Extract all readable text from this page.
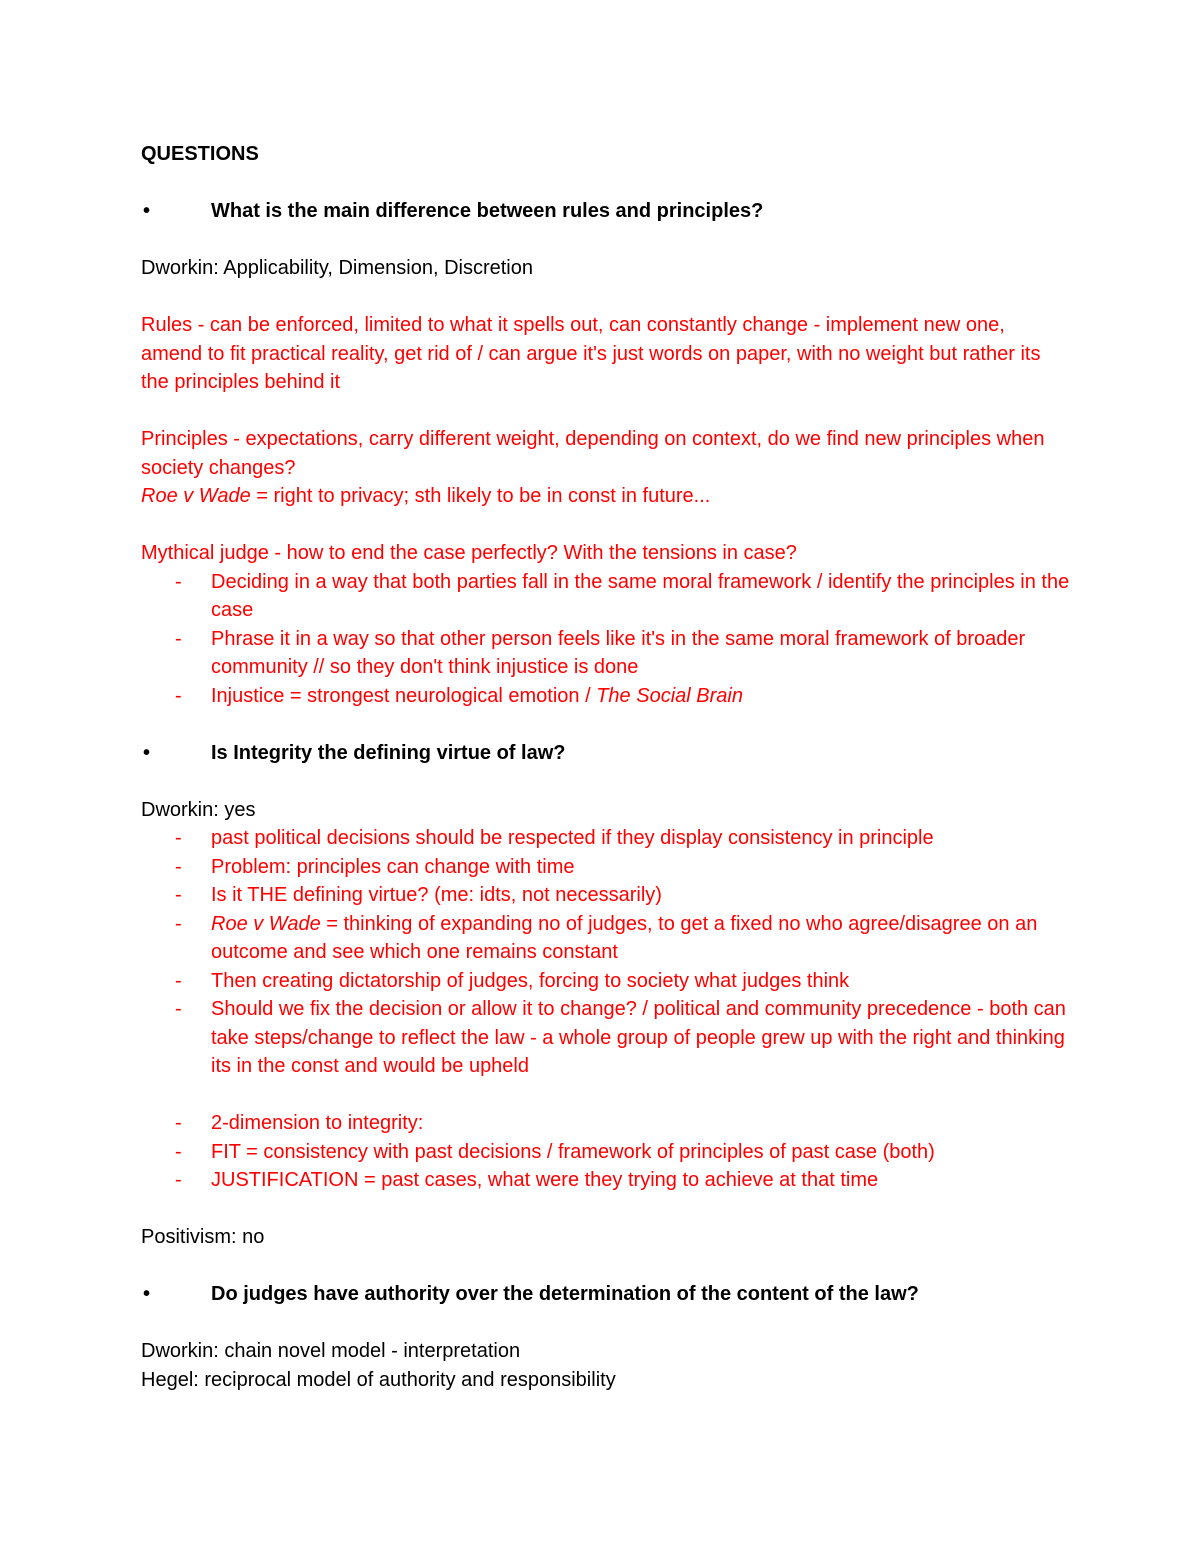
QUESTIONS

•	What is the main difference between rules and principles?

Dworkin: Applicability, Dimension, Discretion

Rules - can be enforced, limited to what it spells out, can constantly change - implement new one, amend to fit practical reality, get rid of / can argue it's just words on paper, with no weight but rather its the principles behind it

Principles - expectations, carry different weight, depending on context, do we find new principles when society changes?

Roe v Wade = right to privacy; sth likely to be in const in future...

Mythical judge - how to end the case perfectly? With the tensions in case?

-	Deciding in a way that both parties fall in the same moral framework / identify the principles in the case
-	Phrase it in a way so that other person feels like it's in the same moral framework of broader community // so they don't think injustice is done
-	Injustice = strongest neurological emotion / The Social Brain
•	Is Integrity the defining virtue of law?

Dworkin: yes

-	past political decisions should be respected if they display consistency in principle
-	Problem: principles can change with time
-	Is it THE defining virtue? (me: idts, not necessarily)
-	Roe v Wade = thinking of expanding no of judges, to get a fixed no who agree/disagree on an outcome and see which one remains constant
-	Then creating dictatorship of judges, forcing to society what judges think
-	Should we fix the decision or allow it to change? / political and community precedence - both can take steps/change to reflect the law - a whole group of people grew up with the right and thinking its in the const and would be upheld
-	2-dimension to integrity:
-	FIT = consistency with past decisions / framework of principles of past case (both)
-	JUSTIFICATION = past cases, what were they trying to achieve at that time

Positivism: no

•	Do judges have authority over the determination of the content of the law?

Dworkin: chain novel model - interpretation

Hegel: reciprocal model of authority and responsibility
